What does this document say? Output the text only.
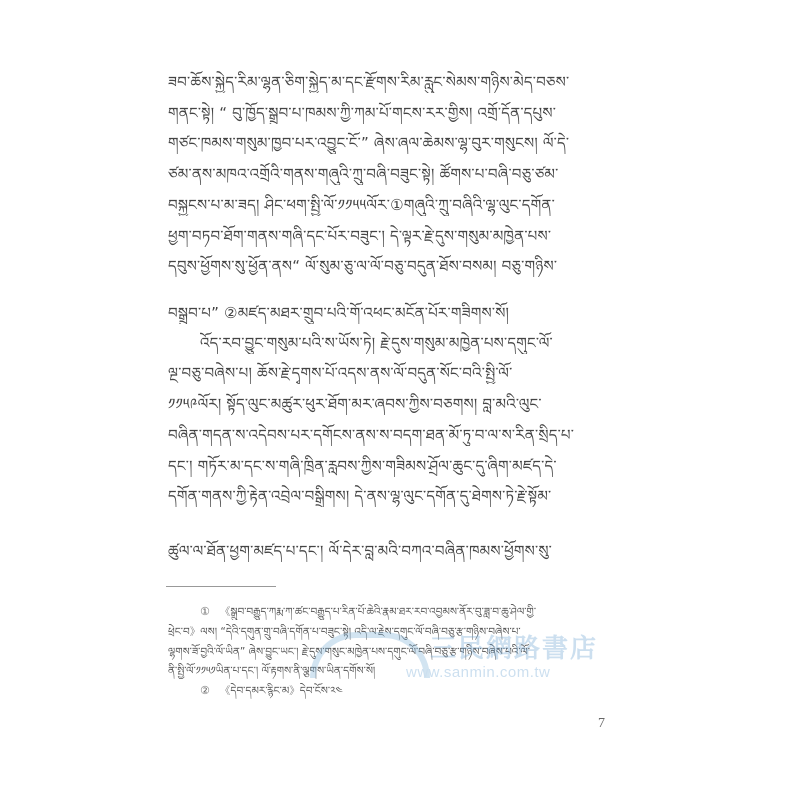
ཟབ་ཆོས་སྐྱེད་རིམ་ལྷན་ཅིག་སྐྱེད་མ་དང་རྫོགས་རིམ་རླུང་སེམས་གཉིས་མེད་བཅས་
གནང་སྟེ། “ བུ་ཁྱོད་སྒྲུབ་པ་ཁམས་ཀྱི་ཀམ་པོ་གངས་རར་གྱིས། འགྲོ་དོན་དཔུས་
གཙང་ཁམས་གསུམ་ཁྱབ་པར་འབྱུང་ངོ་” ཞེས་ཞལ་ཆེམས་ལྷ་བུར་གསུངས། ལོ་དེ་
ཙམ་ནས་མཁའ་འགྲོའི་གནས་གཞུའི་ཀྲུ་བཞི་བཟུང་སྟེ། ཚོགས་པ་བཞི་བཅུ་ཙམ་
བསྐྱངས་པ་མ་ཟད། ཤིང་ཕག་སྤྱི་ལོ་༡༡༥༥ལོར་①གཞུའི་ཀྲུ་བཞིའི་ལྷ་ལུང་དགོན་
ཕྱག་བཏབ་ཐོག་གནས་གཞི་དང་པོར་བཟུང་། དེ་ལྟར་རྗེ་དུས་གསུམ་མཁྱེན་པས་
དབུས་ཕྱོགས་སུ་ཕྱོན་ནས“ ལོ་སུམ་ཅུ་ལ་ལོ་བཅུ་བདུན་ཐོས་བསམ། བཅུ་གཉིས་
བསྒྲུབ་པ” ②མཛད་མཐར་གྲུབ་པའི་གོ་འཕང་མངོན་པོར་གཟིགས་སོ།
འོད་རབ་བྱུང་གསུམ་པའི་ས་ཡོས་ཏེ། རྗེ་དུས་གསུམ་མཁྱེན་པས་དགུང་ལོ་
ལྔ་བཅུ་བཞེས་པ། ཆོས་རྗེ་དྭགས་པོ་འདས་ནས་ལོ་བདུན་སོང་བའི་སྤྱི་ལོ་
༡༡༥༩ལོར། སྟོད་ལུང་མཚུར་ཕུར་ཐོག་མར་ཞབས་ཀྱིས་བཅགས། བླ་མའི་ལུང་
བཞིན་གདན་ས་འདེབས་པར་དགོངས་ནས་ས་བདག་ཐན་མོ་ཏུ་བ་ལ་ས་རིན་སྲིད་པ་
དང་། གཏོར་མ་དང་ས་གཞི་ཁྲིན་རླབས་ཀྱིས་གཟིམས་ཤྲོལ་ཆུང་དུ་ཞིག་མཛད་དེ་
དགོན་གནས་ཀྱི་རྟེན་འབྲེལ་བསྒྲིགས། དེ་ནས་ལྷ་ལུང་དགོན་དུ་ཐེགས་ཏེ་རྗེ་སྟོམ་
ཚུལ་ལ་ཐོན་ཕྱག་མཛད་པ་དང་། ལོ་དེར་བླ་མའི་བཀའ་བཞིན་ཁམས་ཕྱོགས་སུ་
① 《སྒྲུབ་བརྒྱུད་ཀརྨ་ཀ་ཚང་བརྒྱུད་པ་རིན་པོ་ཆེའི་རྣམ་ཐར་རབ་འབྱམས་ནོར་བུ་ཟླ་བ་ཆུ་ཤེལ་གྱི་
ཕྲེང་བ》ལས། “དེའི་དགུན་གྲུ་བཞི་དགོན་པ་བཟུང་སྟེ། འདི་ལ་རྗེས་དགུང་ལོ་བཞི་བཅུ་རྩ་གཉིས་བཞེས་པ་
ལྷགས་ཟོ་བྱའི་ལོ་ཡིན” ཞེས་བྱུང་ཡང་། རྗེ་དུས་གསུང་མཁྱེན་པས་དགུང་ལོ་བཞི་བཅུ་རྩ་གཉིས་བཞེས་པའི་ལོ་
ནི་སྤྱི་ལོ་༡༡༥༡ཡིན་པ་དང་། ལོ་རྟགས་ནི་ལྕགས་ཡིན་དགོས་སོ།
② 《དེབ་དམར་རྙིང་མ》དེབ་ངོས་༢༤
三民網路書店
www.sanmin.com.tw
7
